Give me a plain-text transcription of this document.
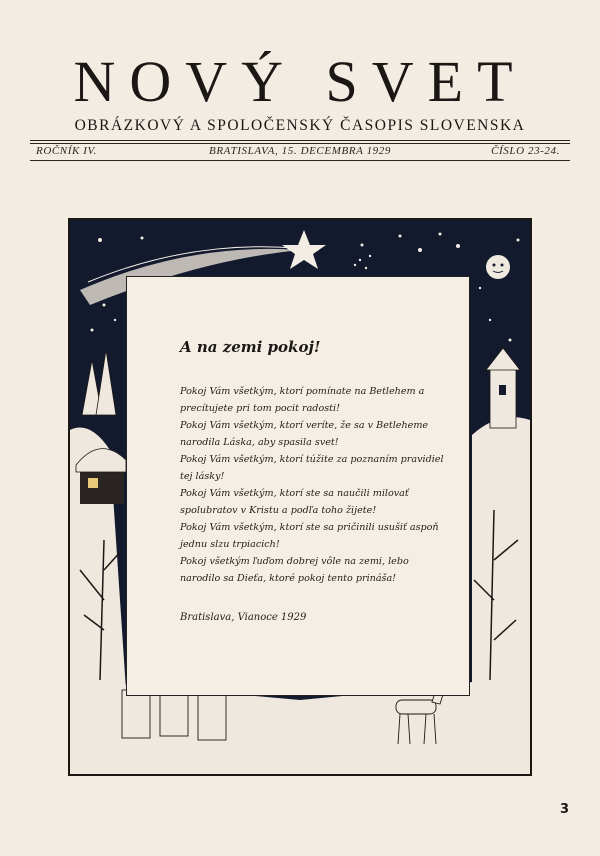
NOVÝ SVET
OBRÁZKOVÝ A SPOLOČENSKÝ ČASOPIS SLOVENSKA
ROČNÍK IV.	BRATISLAVA, 15. DECEMBRA 1929	ČÍSLO 23-24.
A na zemi pokoj!
Pokoj Vám všetkým, ktorí pomínate na Betlehem a precítujete pri tom pocit radosti!
Pokoj Vám všetkým, ktorí veríte, že sa v Betleheme narodila Láska, aby spasila svet!
Pokoj Vám všetkým, ktorí túžite za poznaním pravidiel tej lásky!
Pokoj Vám všetkým, ktorí ste sa naučili milovať spolubratov v Kristu a podľa toho žijete!
Pokoj Vám všetkým, ktorí ste sa pričinili usušiť aspoň jednu slzu trpiacich!
Pokoj všetkým ľuďom dobrej vôle na zemi, lebo narodilo sa Dieťa, ktoré pokoj tento prináša!
Bratislava, Vianoce 1929
3
